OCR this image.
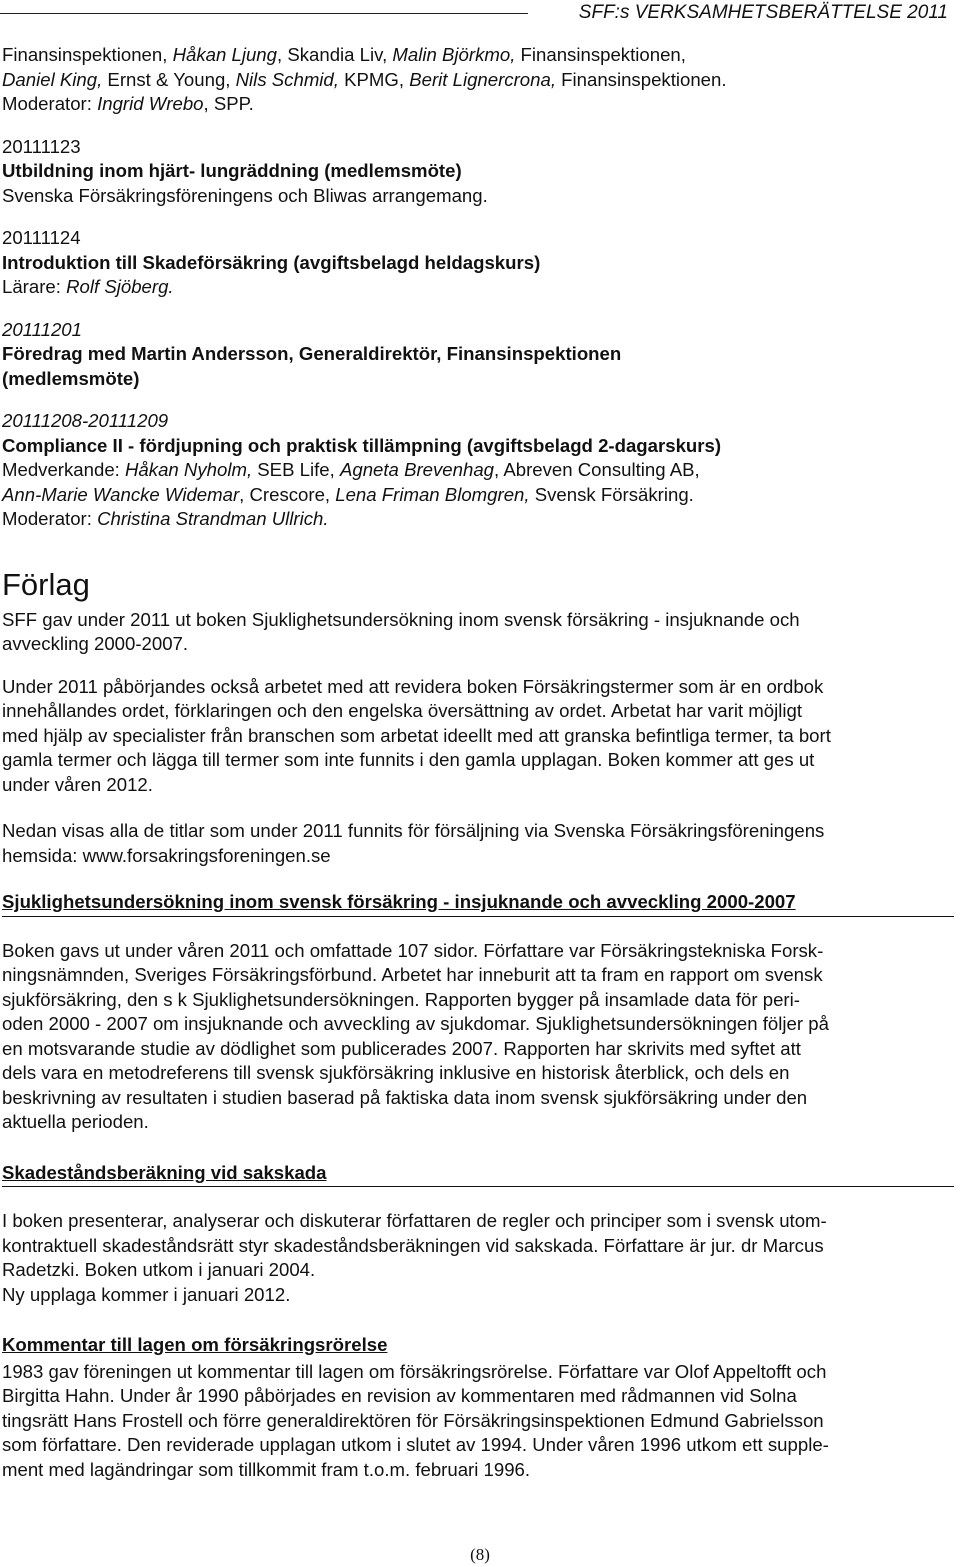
SFF:s VERKSAMHETSBERÄTTELSE 2011
Finansinspektionen, Håkan Ljung, Skandia Liv, Malin Björkmo, Finansinspektionen,
Daniel King, Ernst & Young, Nils Schmid, KPMG, Berit Lignercrona, Finansinspektionen.
Moderator: Ingrid Wrebo, SPP.
20111123
Utbildning inom hjärt- lungräddning (medlemsmöte)
Svenska Försäkringsföreningens och Bliwas arrangemang.
20111124
Introduktion till Skadeförsäkring (avgiftsbelagd heldagskurs)
Lärare: Rolf Sjöberg.
20111201
Föredrag med Martin Andersson, Generaldirektör, Finansinspektionen
(medlemsmöte)
20111208-20111209
Compliance II - fördjupning och praktisk tillämpning (avgiftsbelagd 2-dagarskurs)
Medverkande: Håkan Nyholm, SEB Life, Agneta Brevenhag, Abreven Consulting AB,
Ann-Marie Wancke Widemar, Crescore, Lena Friman Blomgren, Svensk Försäkring.
Moderator: Christina Strandman Ullrich.
Förlag
SFF gav under 2011 ut boken Sjuklighetsundersökning inom svensk försäkring - insjuknande och
avveckling 2000-2007.
Under 2011 påbörjandes också arbetet med att revidera boken Försäkringstermer som är en ordbok
innehållandes ordet, förklaringen och den engelska översättning av ordet. Arbetat har varit möjligt
med hjälp av specialister från branschen som arbetat ideellt med att granska befintliga termer, ta bort
gamla termer och lägga till termer som inte funnits i den gamla upplagan. Boken kommer att ges ut
under våren 2012.
Nedan visas alla de titlar som under 2011 funnits för försäljning via Svenska Försäkringsföreningens
hemsida: www.forsakringsforeningen.se
Sjuklighetsundersökning inom svensk försäkring - insjuknande och avveckling 2000-2007
Boken gavs ut under våren 2011 och omfattade 107 sidor. Författare var Försäkringstekniska Forsk-
ningsnämnden, Sveriges Försäkringsförbund. Arbetet har inneburit att ta fram en rapport om svensk
sjukförsäkring, den s k Sjuklighetsundersökningen. Rapporten bygger på insamlade data för peri-
oden 2000 - 2007 om insjuknande och avveckling av sjukdomar. Sjuklighetsundersökningen följer på
en motsvarande studie av dödlighet som publicerades 2007. Rapporten har skrivits med syftet att
dels vara en metodreferens till svensk sjukförsäkring inklusive en historisk återblick, och dels en
beskrivning av resultaten i studien baserad på faktiska data inom svensk sjukförsäkring under den
aktuella perioden.
Skadeståndsberäkning vid sakskada
I boken presenterar, analyserar och diskuterar författaren de regler och principer som i svensk utom-
kontraktuell skadeståndsrätt styr skadeståndsberäkningen vid sakskada. Författare är jur. dr Marcus
Radetzki. Boken utkom i januari 2004.
Ny upplaga kommer i januari 2012.
Kommentar till lagen om försäkringsrörelse
1983 gav föreningen ut kommentar till lagen om försäkringsrörelse. Författare var Olof Appeltofft och
Birgitta Hahn. Under år 1990 påbörjades en revision av kommentaren med rådmannen vid Solna
tingsrätt Hans Frostell och förre generaldirektören för Försäkringsinspektionen Edmund Gabrielsson
som författare. Den reviderade upplagan utkom i slutet av 1994. Under våren 1996 utkom ett supple-
ment med lagändringar som tillkommit fram t.o.m. februari 1996.
(8)
